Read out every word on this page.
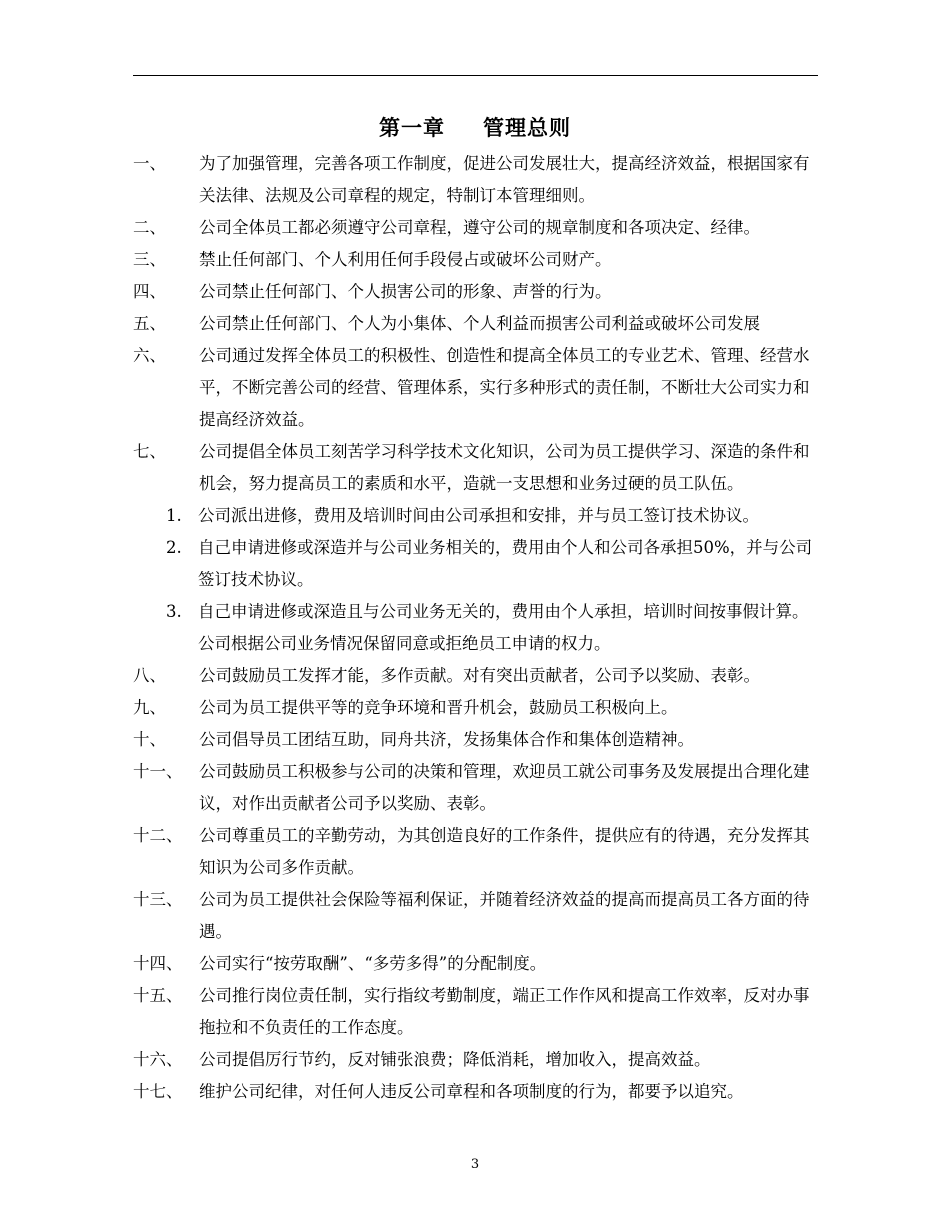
第一章 管理总则
一、	为了加强管理，完善各项工作制度，促进公司发展壮大，提高经济效益，根据国家有关法律、法规及公司章程的规定，特制订本管理细则。
二、	公司全体员工都必须遵守公司章程，遵守公司的规章制度和各项决定、经律。
三、	禁止任何部门、个人利用任何手段侵占或破坏公司财产。
四、	公司禁止任何部门、个人损害公司的形象、声誉的行为。
五、	公司禁止任何部门、个人为小集体、个人利益而损害公司利益或破坏公司发展
六、	公司通过发挥全体员工的积极性、创造性和提高全体员工的专业艺术、管理、经营水平，不断完善公司的经营、管理体系，实行多种形式的责任制，不断壮大公司实力和提高经济效益。
七、	公司提倡全体员工刻苦学习科学技术文化知识，公司为员工提供学习、深造的条件和机会，努力提高员工的素质和水平，造就一支思想和业务过硬的员工队伍。
1. 公司派出进修，费用及培训时间由公司承担和安排，并与员工签订技术协议。
2. 自己申请进修或深造并与公司业务相关的，费用由个人和公司各承担50%，并与公司签订技术协议。
3. 自己申请进修或深造且与公司业务无关的，费用由个人承担，培训时间按事假计算。公司根据公司业务情况保留同意或拒绝员工申请的权力。
八、	公司鼓励员工发挥才能，多作贡献。对有突出贡献者，公司予以奖励、表彰。
九、	公司为员工提供平等的竞争环境和晋升机会，鼓励员工积极向上。
十、	公司倡导员工团结互助，同舟共济，发扬集体合作和集体创造精神。
十一、	公司鼓励员工积极参与公司的决策和管理，欢迎员工就公司事务及发展提出合理化建议，对作出贡献者公司予以奖励、表彰。
十二、	公司尊重员工的辛勤劳动，为其创造良好的工作条件，提供应有的待遇，充分发挥其知识为公司多作贡献。
十三、	公司为员工提供社会保险等福利保证，并随着经济效益的提高而提高员工各方面的待遇。
十四、	公司实行“按劳取酬”、“多劳多得”的分配制度。
十五、	公司推行岗位责任制，实行指纹考勤制度，端正工作作风和提高工作效率，反对办事拖拉和不负责任的工作态度。
十六、	公司提倡厉行节约，反对铺张浪费；降低消耗，增加收入，提高效益。
十七、	维护公司纪律，对任何人违反公司章程和各项制度的行为，都要予以追究。
3
